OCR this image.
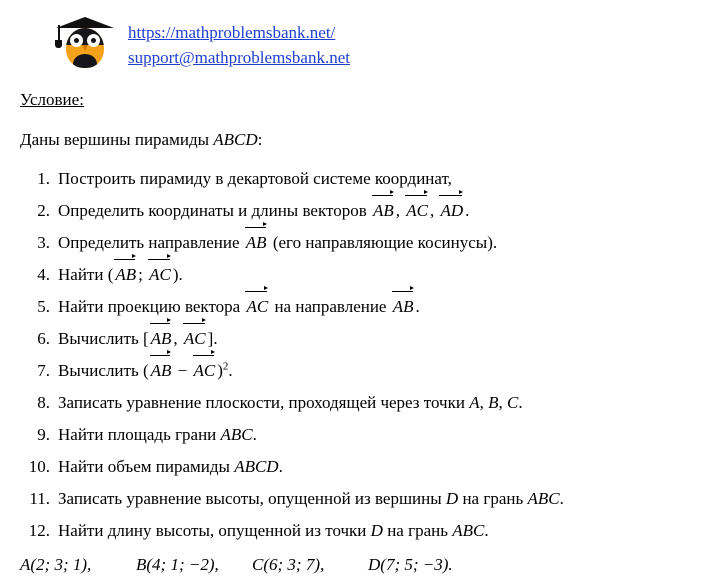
https://mathproblemsbank.net/
support@mathproblemsbank.net
Условие:
Даны вершины пирамиды ABCD:
1. Построить пирамиду в декартовой системе координат,
2. Определить координаты и длины векторов AB , AC , AD .
3. Определить направление AB (его направляющие косинусы).
4. Найти ( AB ; AC ).
5. Найти проекцию вектора AC на направление AB .
6. Вычислить [ AB , AC ].
7. Вычислить ( AB − AC )$^2$.
8. Записать уравнение плоскости, проходящей через точки A, B, C.
9. Найти площадь грани ABC.
10. Найти объем пирамиды ABCD.
11. Записать уравнение высоты, опущенной из вершины D на грань ABC.
12. Найти длину высоты, опущенной из точки D на грань ABC.
A(2; 3; 1),	B(4; 1; −2),	C(6; 3; 7),	D(7; 5; −3).
